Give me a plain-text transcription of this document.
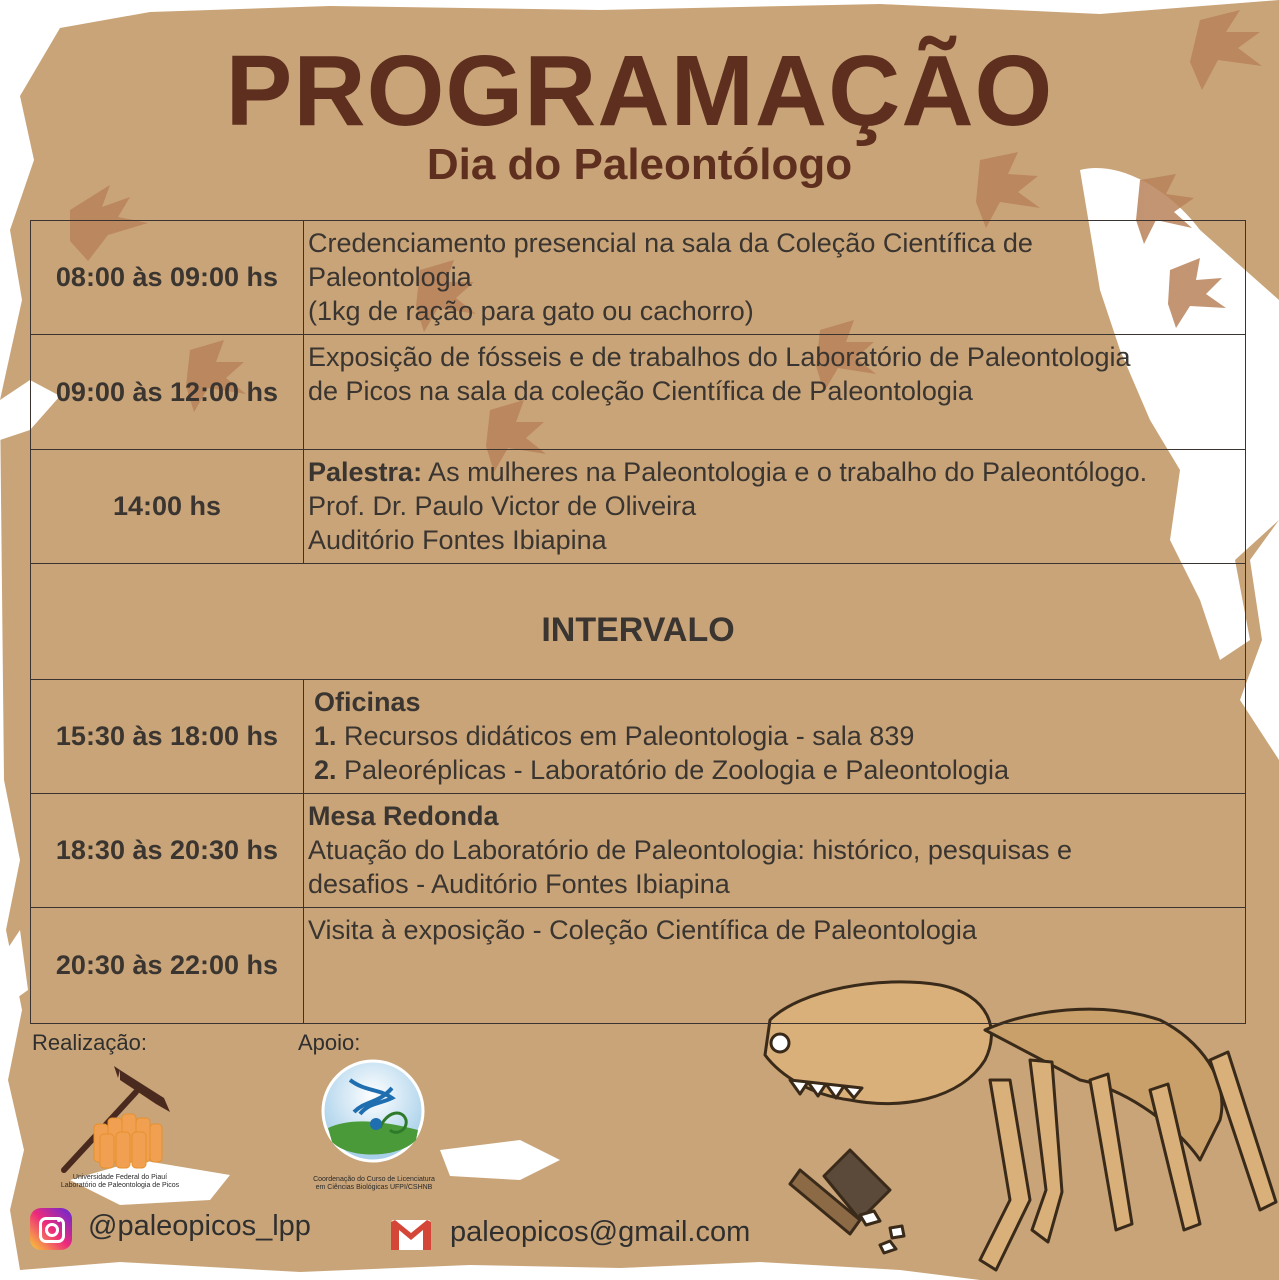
PROGRAMAÇÃO
Dia do Paleontólogo
08:00 às 09:00 hs	Credenciamento presencial na sala da Coleção Científica de
Paleontologia
(1kg de ração para gato ou cachorro)

09:00 às 12:00 hs	Exposição de fósseis e de trabalhos do Laboratório de Paleontologia
de Picos na sala da coleção Científica de Paleontologia

14:00 hs	Palestra: As mulheres na Paleontologia e o trabalho do Paleontólogo.
Prof. Dr. Paulo Victor de Oliveira
Auditório Fontes Ibiapina

INTERVALO	
15:30 às 18:00 hs	Oficinas
1. Recursos didáticos em Paleontologia - sala 839
2. Paleoréplicas - Laboratório de Zoologia e Paleontologia

18:30 às 20:30 hs	Mesa Redonda
Atuação do Laboratório de Paleontologia: histórico, pesquisas e
desafios - Auditório Fontes Ibiapina

20:30 às 22:00 hs	Visita à exposição - Coleção Científica de Paleontologia
Realização:	Apoio:
Universidade Federal do Piauí
Laboratório de Paleontologia de Picos
Coordenação do Curso de Licenciatura
em Ciências Biológicas UFPI/CSHNB
@paleopicos_lpp	paleopicos@gmail.com
